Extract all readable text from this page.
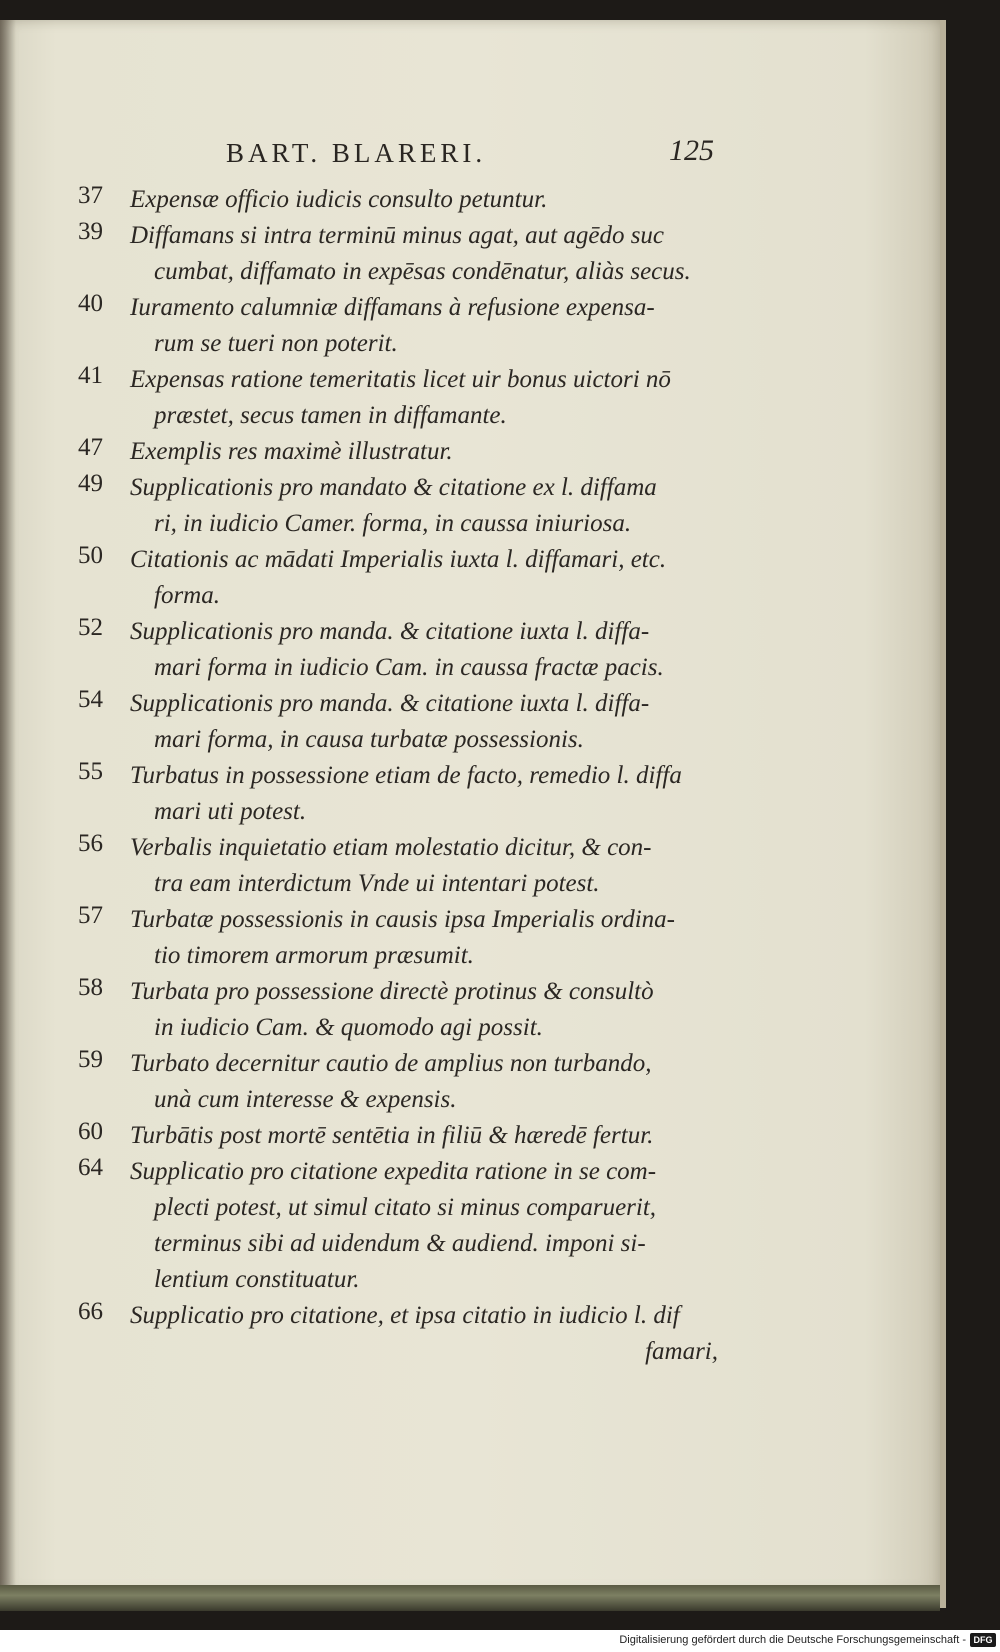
BART. BLARERI.	125
37	Expensæ officio iudicis consulto petuntur.
39	Diffamans si intra terminū minus agat, aut agēdo suc
cumbat, diffamato in expēsas condēnatur, aliàs secus.
40	Iuramento calumniæ diffamans à refusione expensa-
rum se tueri non poterit.
41	Expensas ratione temeritatis licet uir bonus uictori nō
præstet, secus tamen in diffamante.
47	Exemplis res maximè illustratur.
49	Supplicationis pro mandato & citatione ex l. diffama
ri, in iudicio Camer. forma, in caussa iniuriosa.
50	Citationis ac mādati Imperialis iuxta l. diffamari, etc.
forma.
52	Supplicationis pro manda. & citatione iuxta l. diffa-
mari forma in iudicio Cam. in caussa fractæ pacis.
54	Supplicationis pro manda. & citatione iuxta l. diffa-
mari forma, in causa turbatæ possessionis.
55	Turbatus in possessione etiam de facto, remedio l. diffa
mari uti potest.
56	Verbalis inquietatio etiam molestatio dicitur, & con-
tra eam interdictum Vnde ui intentari potest.
57	Turbatæ possessionis in causis ipsa Imperialis ordina-
tio timorem armorum præsumit.
58	Turbata pro possessione directè protinus & consultò
in iudicio Cam. & quomodo agi possit.
59	Turbato decernitur cautio de amplius non turbando,
unà cum interesse & expensis.
60	Turbātis post mortē sentētia in filiū & hæredē fertur.
64	Supplicatio pro citatione expedita ratione in se com-
plecti potest, ut simul citato si minus comparuerit,
terminus sibi ad uidendum & audiend. imponi si-
lentium constituatur.
66	Supplicatio pro citatione, et ipsa citatio in iudicio l. dif
famari,
Digitalisierung gefördert durch die Deutsche Forschungsgemeinschaft - DFG
